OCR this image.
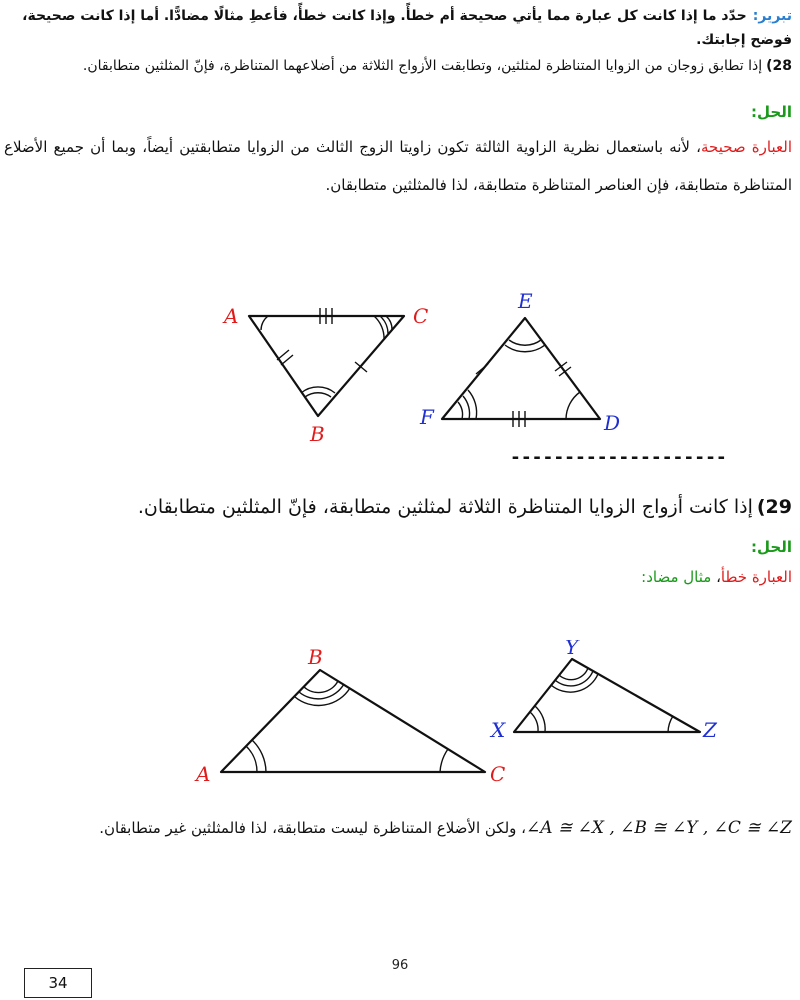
تبرير:حدّد ما إذا كانت كل عبارة مما يأتي صحيحة أم خطأً. وإذا كانت خطأً، فأعطِ مثالًا مضادًّا. أما إذا كانت صحيحة، فوضح إجابتك.
28)إذا تطابق زوجان من الزوايا المتناظرة لمثلثين، وتطابقت الأزواج الثلاثة من أضلاعهما المتناظرة، فإنّ المثلثين متطابقان.
الحل:
العبارة صحيحة، لأنه باستعمال نظرية الزاوية الثالثة تكون زاويتا الزوج الثالث من الزوايا متطابقتين أيضاً، وبما أن جميع الأضلاع المتناظرة متطابقة، فإن العناصر المتناظرة متطابقة، لذا فالمثلثين متطابقان.
A	C
B
E
D
F
--------------------
29)إذا كانت أزواج الزوايا المتناظرة الثلاثة لمثلثين متطابقة، فإنّ المثلثين متطابقان.
الحل:
العبارة خطأ، مثال مضاد:
A
B
C
X
Y
Z
∠A ≅ ∠X , ∠B ≅ ∠Y , ∠C ≅ ∠Z، ولكن الأضلاع المتناظرة ليست متطابقة، لذا فالمثلثين غير متطابقان.
96
34
